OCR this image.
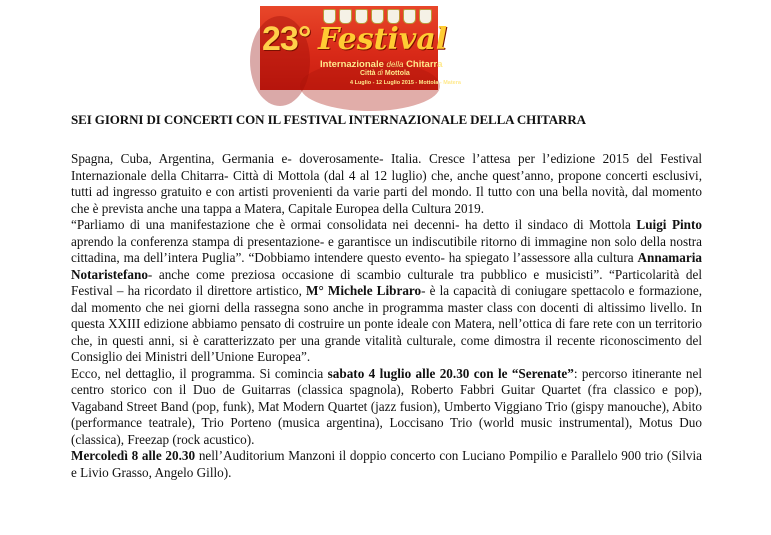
23° Festival
Internazionale della Chitarra
Città di Mottola
4 Luglio - 12 Luglio 2015 - Mottola - Matera
SEI GIORNI DI CONCERTI CON IL FESTIVAL INTERNAZIONALE DELLA CHITARRA

Spagna, Cuba, Argentina, Germania e- doverosamente- Italia. Cresce l’attesa per l’edizione 2015 del Festival Internazionale della Chitarra- Città di Mottola (dal 4 al 12 luglio) che, anche quest’anno, propone concerti esclusivi, tutti ad ingresso gratuito e con artisti provenienti da varie parti del mondo. Il tutto con una bella novità, dal momento che è prevista anche una tappa a Matera, Capitale Europea della Cultura 2019.

“Parliamo di una manifestazione che è ormai consolidata nei decenni- ha detto il sindaco di Mottola Luigi Pinto aprendo la conferenza stampa di presentazione- e garantisce un indiscutibile ritorno di immagine non solo della nostra cittadina, ma dell’intera Puglia”. “Dobbiamo intendere questo evento- ha spiegato l’assessore alla cultura Annamaria Notaristefano- anche come preziosa occasione di scambio culturale tra pubblico e musicisti”. “Particolarità del Festival – ha ricordato il direttore artistico, M° Michele Libraro- è la capacità di coniugare spettacolo e formazione, dal momento che nei giorni della rassegna sono anche in programma master class con docenti di altissimo livello. In questa XXIII edizione abbiamo pensato di costruire un ponte ideale con Matera, nell’ottica di fare rete con un territorio che, in questi anni, si è caratterizzato per una grande vitalità culturale, come dimostra il recente riconoscimento del Consiglio dei Ministri dell’Unione Europea”.

Ecco, nel dettaglio, il programma. Si comincia sabato 4 luglio alle 20.30 con le “Serenate”: percorso itinerante nel centro storico con il Duo de Guitarras (classica spagnola), Roberto Fabbri Guitar Quartet (fra classico e pop), Vagaband Street Band (pop, funk), Mat Modern Quartet (jazz fusion), Umberto Viggiano Trio (gispy manouche), Abito (performance teatrale), Trio Porteno (musica argentina), Loccisano Trio (world music instrumental), Motus Duo (classica), Freezap (rock acustico).

Mercoledì 8 alle 20.30 nell’Auditorium Manzoni il doppio concerto con Luciano Pompilio e Parallelo 900 trio (Silvia e Livio Grasso, Angelo Gillo).
